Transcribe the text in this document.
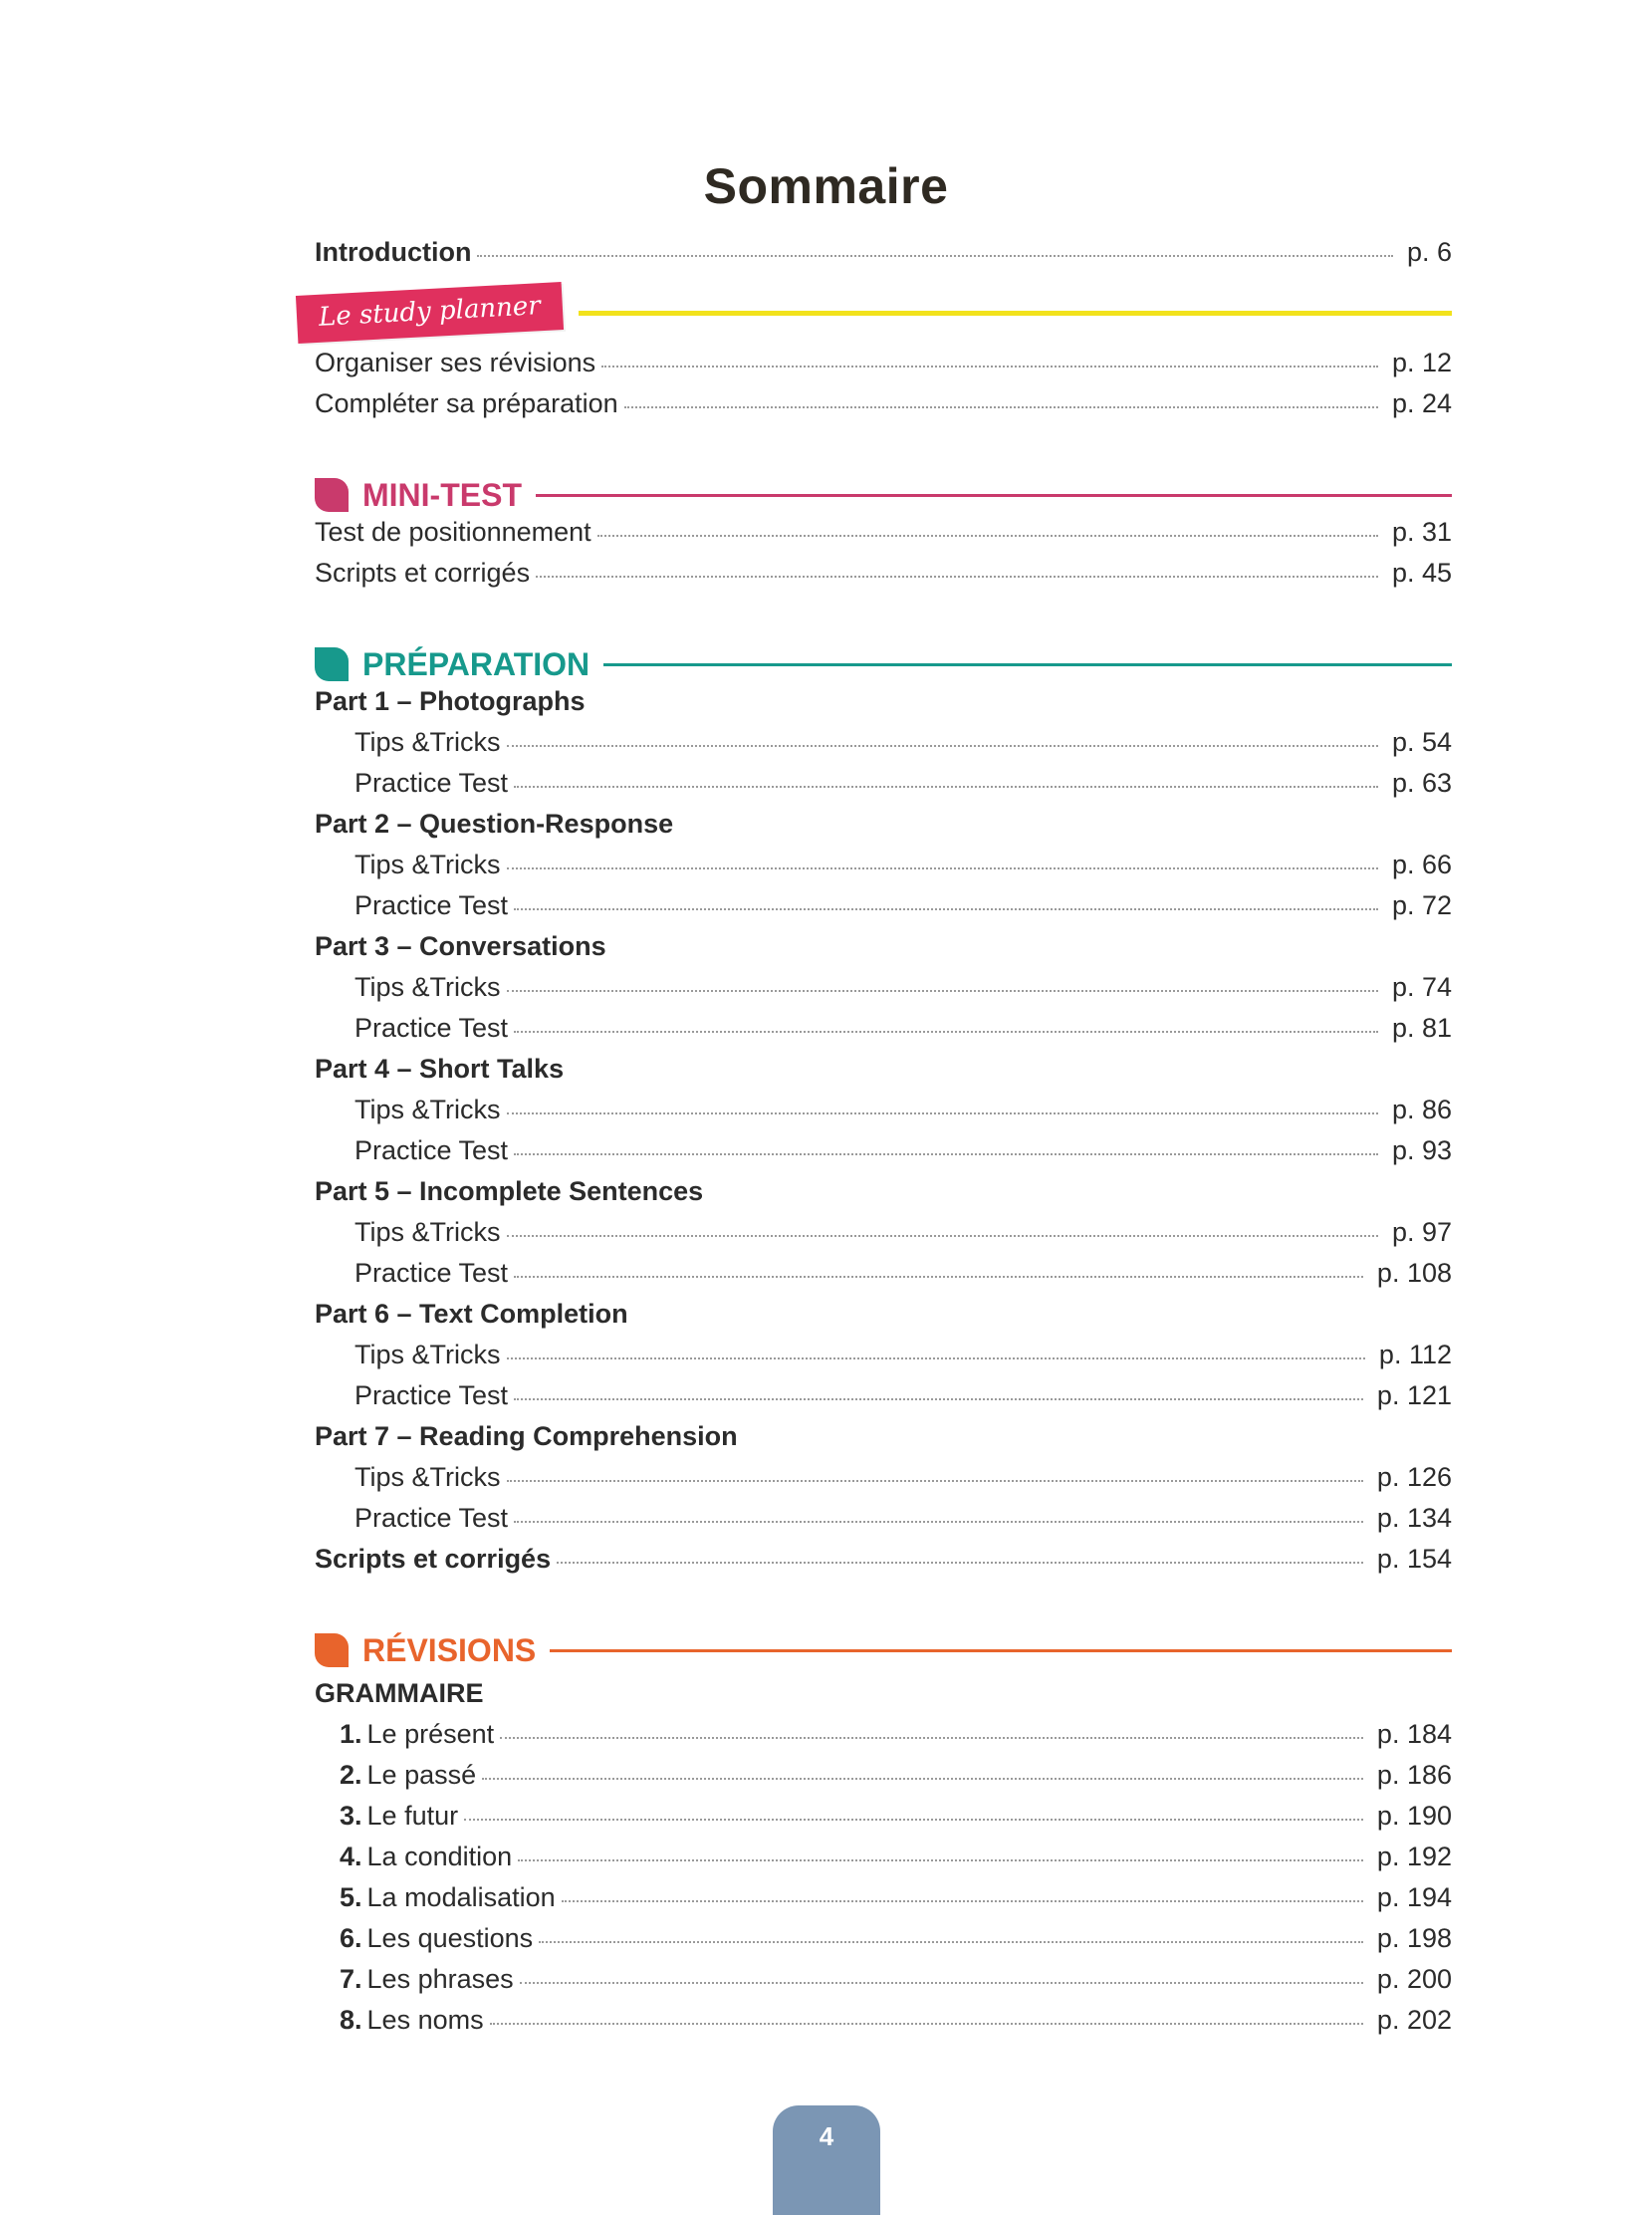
Sommaire
Introduction	p. 6
Le study planner
Organiser ses révisions	p. 12
Compléter sa préparation	p. 24
MINI-TEST
Test de positionnement	p. 31
Scripts et corrigés	p. 45
PRÉPARATION
Part 1 – Photographs
Tips &Tricks	p. 54
Practice Test	p. 63
Part 2 – Question-Response
Tips &Tricks	p. 66
Practice Test	p. 72
Part 3 – Conversations
Tips &Tricks	p. 74
Practice Test	p. 81
Part 4 – Short Talks
Tips &Tricks	p. 86
Practice Test	p. 93
Part 5 – Incomplete Sentences
Tips &Tricks	p. 97
Practice Test	p. 108
Part 6 – Text Completion
Tips &Tricks	p. 112
Practice Test	p. 121
Part 7 – Reading Comprehension
Tips &Tricks	p. 126
Practice Test	p. 134
Scripts et corrigés	p. 154
RÉVISIONS
GRAMMAIRE
1. Le présent	p. 184
2. Le passé	p. 186
3. Le futur	p. 190
4. La condition	p. 192
5. La modalisation	p. 194
6. Les questions	p. 198
7. Les phrases	p. 200
8. Les noms	p. 202
4
